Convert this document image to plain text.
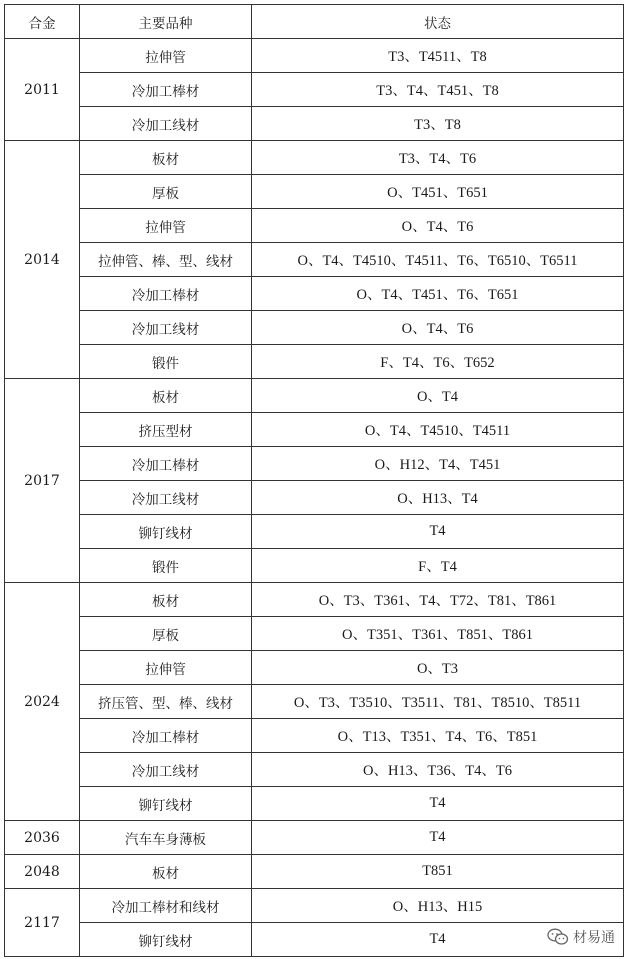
合金	主要品种	状态
2011	拉伸管	T3、T4511、T8
	冷加工棒材	T3、T4、T451、T8
	冷加工线材	T3、T8
2014	板材	T3、T4、T6
	厚板	O、T451、T651
	拉伸管	O、T4、T6
	拉伸管、棒、型、线材	O、T4、T4510、T4511、T6、T6510、T6511
	冷加工棒材	O、T4、T451、T6、T651
	冷加工线材	O、T4、T6
	锻件	F、T4、T6、T652
2017	板材	O、T4
	挤压型材	O、T4、T4510、T4511
	冷加工棒材	O、H12、T4、T451
	冷加工线材	O、H13、T4
	铆钉线材	T4
	锻件	F、T4
2024	板材	O、T3、T361、T4、T72、T81、T861
	厚板	O、T351、T361、T851、T861
	拉伸管	O、T3
	挤压管、型、棒、线材	O、T3、T3510、T3511、T81、T8510、T8511
	冷加工棒材	O、T13、T351、T4、T6、T851
	冷加工线材	O、H13、T36、T4、T6
	铆钉线材	T4
2036	汽车车身薄板	T4
2048	板材	T851
2117	冷加工棒材和线材	O、H13、H15
	铆钉线材	T4	材易通
